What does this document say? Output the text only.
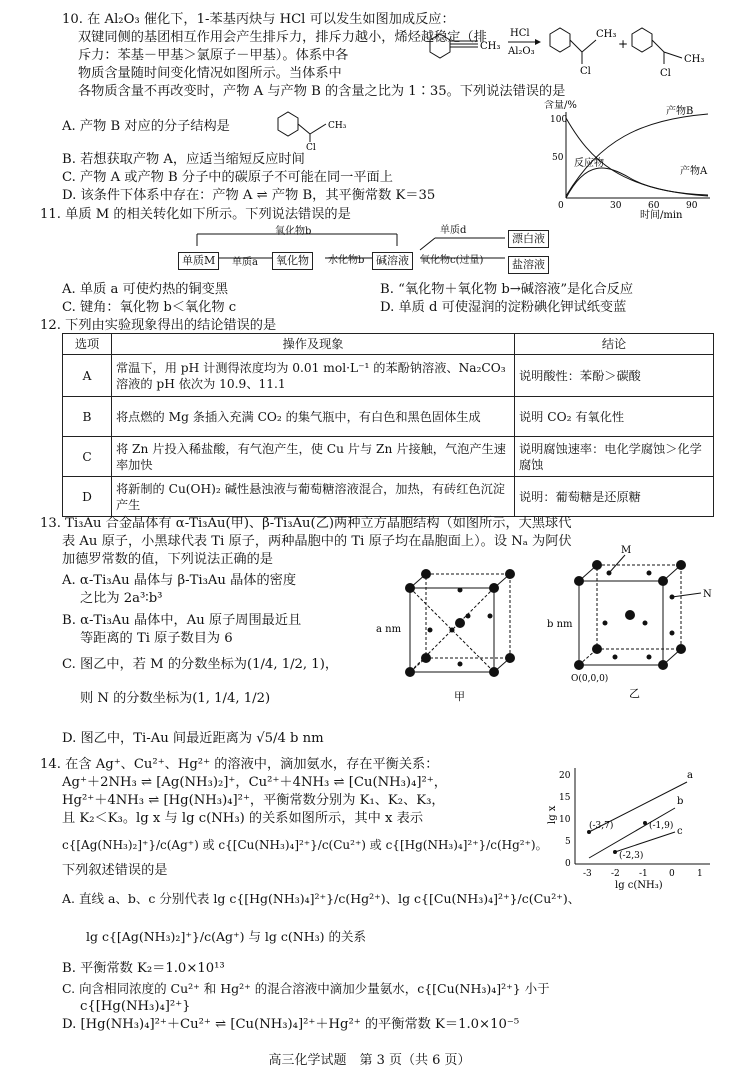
10. 在 Al₂O₃ 催化下，1-苯基丙炔与 HCl 可以发生如图加成反应：
双键同侧的基团相互作用会产生排斥力，排斥力越小，烯烃越稳定（排
斥力：苯基－甲基＞氯原子－甲基）。体系中各
物质含量随时间变化情况如图所示。当体系中
各物质含量不再改变时，产物 A 与产物 B 的含量之比为 1∶35。下列说法错误的是
CH₃
HCl
Al₂O₃
CH₃
Cl
+
CH₃
Cl
含量/%
100
50
0	30	60	90
时间/min
产物B
反应物
产物A
A. 产物 B 对应的分子结构是	CH₃
Cl
B. 若想获取产物 A，应适当缩短反应时间
C. 产物 A 或产物 B 分子中的碳原子不可能在同一平面上
D. 该条件下体系中存在：产物 A ⇌ 产物 B，其平衡常数 K＝35
11. 单质 M 的相关转化如下所示。下列说法错误的是
单质M	单质a	氧化物
氧化物b
水化物b	碱溶液
单质d
漂白液
氧化物c(过量)	盐溶液
A. 单质 a 可使灼热的铜变黑	B. “氧化物＋氧化物 b→碱溶液”是化合反应
C. 键角：氧化物 b＜氧化物 c	D. 单质 d 可使湿润的淀粉碘化钾试纸变蓝
12. 下列由实验现象得出的结论错误的是
选项	操作及现象	结论
A	常温下，用 pH 计测得浓度均为 0.01 mol·L⁻¹ 的苯酚钠溶液、Na₂CO₃ 溶液的 pH 依次为 10.9、11.1	说明酸性：苯酚＞碳酸
B	将点燃的 Mg 条插入充满 CO₂ 的集气瓶中，有白色和黑色固体生成	说明 CO₂ 有氧化性
C	将 Zn 片投入稀盐酸，有气泡产生，使 Cu 片与 Zn 片接触，气泡产生速率加快	说明腐蚀速率：电化学腐蚀＞化学腐蚀
D	将新制的 Cu(OH)₂ 碱性悬浊液与葡萄糖溶液混合，加热，有砖红色沉淀产生	说明：葡萄糖是还原糖
13. Ti₃Au 合金晶体有 α-Ti₃Au(甲)、β-Ti₃Au(乙)两种立方晶胞结构（如图所示，大黑球代
表 Au 原子，小黑球代表 Ti 原子，两种晶胞中的 Ti 原子均在晶胞面上）。设 Nₐ 为阿伏
加德罗常数的值，下列说法正确的是
A. α-Ti₃Au 晶体与 β-Ti₃Au 晶体的密度
之比为 2a³∶b³
B. α-Ti₃Au 晶体中，Au 原子周围最近且
等距离的 Ti 原子数目为 6
C. 图乙中，若 M 的分数坐标为(1/4, 1/2, 1)，
则 N 的分数坐标为(1, 1/4, 1/2)
D. 图乙中，Ti-Au 间最近距离为 √5/4 b nm
a nm
甲
M
N
b nm
O(0,0,0)
乙
14. 在含 Ag⁺、Cu²⁺、Hg²⁺ 的溶液中，滴加氨水，存在平衡关系：
Ag⁺＋2NH₃ ⇌ [Ag(NH₃)₂]⁺，Cu²⁺＋4NH₃ ⇌ [Cu(NH₃)₄]²⁺，
Hg²⁺＋4NH₃ ⇌ [Hg(NH₃)₄]²⁺，平衡常数分别为 K₁、K₂、K₃，
且 K₂＜K₃。lg x 与 lg c(NH₃) 的关系如图所示，其中 x 表示
c{[Ag(NH₃)₂]⁺}/c(Ag⁺) 或 c{[Cu(NH₃)₄]²⁺}/c(Cu²⁺) 或 c{[Hg(NH₃)₄]²⁺}/c(Hg²⁺)。
下列叙述错误的是
lg x
20
15
10
5
0
-3 -2 -1 0 1
lg c(NH₃)
(-3,7)	(-1,9)
(-2,3)
a
b
c
A. 直线 a、b、c 分别代表 lg c{[Hg(NH₃)₄]²⁺}/c(Hg²⁺)、lg c{[Cu(NH₃)₄]²⁺}/c(Cu²⁺)、
lg c{[Ag(NH₃)₂]⁺}/c(Ag⁺) 与 lg c(NH₃) 的关系
B. 平衡常数 K₂＝1.0×10¹³
C. 向含相同浓度的 Cu²⁺ 和 Hg²⁺ 的混合溶液中滴加少量氨水，c{[Cu(NH₃)₄]²⁺} 小于
c{[Hg(NH₃)₄]²⁺}
D. [Hg(NH₃)₄]²⁺＋Cu²⁺ ⇌ [Cu(NH₃)₄]²⁺＋Hg²⁺ 的平衡常数 K＝1.0×10⁻⁵
高三化学试题　第 3 页（共 6 页）
